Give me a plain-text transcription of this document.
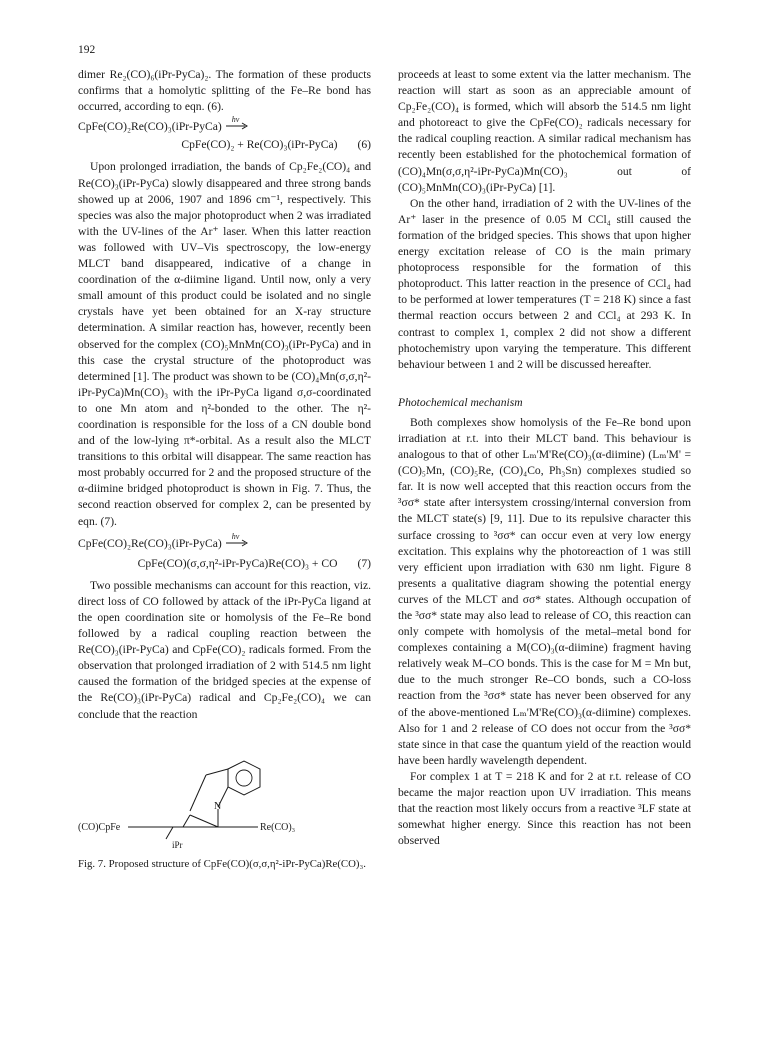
192

dimer Re₂(CO)₆(iPr-PyCa)₂. The formation of these products confirms that a homolytic splitting of the Fe–Re bond has occurred, according to eqn. (6).

CpFe(CO)₂Re(CO)₃(iPr-PyCa)
hν
CpFe(CO)₂ + Re(CO)₃(iPr-PyCa) (6)

Upon prolonged irradiation, the bands of Cp₂Fe₂(CO)₄ and Re(CO)₃(iPr-PyCa) slowly disappeared and three strong bands showed up at 2006, 1907 and 1896 cm⁻¹, respectively. This species was also the major photoproduct when 2 was irradiated with the UV-lines of the Ar⁺ laser. When this latter reaction was followed with UV–Vis spectroscopy, the low-energy MLCT band disappeared, indicative of a change in coordination of the α-diimine ligand. Until now, only a very small amount of this product could be isolated and no single crystals have yet been obtained for an X-ray structure determination. A similar reaction has, however, recently been observed for the complex (CO)₅MnMn(CO)₃(iPr-PyCa) and in this case the crystal structure of the photoproduct was determined [1]. The product was shown to be (CO)₄Mn(σ,σ,η²-iPr-PyCa)Mn(CO)₃ with the iPr-PyCa ligand σ,σ-coordinated to one Mn atom and η²-bonded to the other. The η²-coordination is responsible for the loss of a CN double bond and of the low-lying π*-orbital. As a result also the MLCT transitions to this orbital will disappear. The same reaction has most probably occurred for 2 and the proposed structure of the α-diimine bridged photoproduct is shown in Fig. 7. Thus, the second reaction observed for complex 2, can be presented by eqn. (7).

CpFe(CO)₂Re(CO)₃(iPr-PyCa)
hν
CpFe(CO)(σ,σ,η²-iPr-PyCa)Re(CO)₃ + CO (7)

Two possible mechanisms can account for this reaction, viz. direct loss of CO followed by attack of the iPr-PyCa ligand at the open coordination site or homolysis of the Fe–Re bond followed by a radical coupling reaction between the Re(CO)₃(iPr-PyCa) and CpFe(CO)₂ radicals formed. From the observation that prolonged irradiation of 2 with 514.5 nm light caused the formation of the bridged species at the expense of the Re(CO)₃(iPr-PyCa) radical and Cp₂Fe₂(CO)₄ we can conclude that the reaction

(CO)CpFe	Re(CO)₃
N
iPr

Fig. 7. Proposed structure of CpFe(CO)(σ,σ,η²-iPr-PyCa)Re(CO)₃.

proceeds at least to some extent via the latter mechanism. The reaction will start as soon as an appreciable amount of Cp₂Fe₂(CO)₄ is formed, which will absorb the 514.5 nm light and photoreact to give the CpFe(CO)₂ radicals necessary for the radical coupling reaction. A similar radical mechanism has recently been established for the photochemical formation of (CO)₄Mn(σ,σ,η²-iPr-PyCa)Mn(CO)₃ out of (CO)₅MnMn(CO)₃(iPr-PyCa) [1].

On the other hand, irradiation of 2 with the UV-lines of the Ar⁺ laser in the presence of 0.05 M CCl₄ still caused the formation of the bridged species. This shows that upon higher energy excitation release of CO is the main primary photoprocess responsible for the formation of this photoproduct. This latter reaction in the presence of CCl₄ had to be performed at lower temperatures (T = 218 K) since a fast thermal reaction occurs between 2 and CCl₄ at 293 K. In contrast to complex 1, complex 2 did not show a different photochemistry upon varying the temperature. This different behaviour between 1 and 2 will be discussed hereafter.

Photochemical mechanism

Both complexes show homolysis of the Fe–Re bond upon irradiation at r.t. into their MLCT band. This behaviour is analogous to that of other Lₘ'M'Re(CO)₃(α-diimine) (Lₘ'M' = (CO)₅Mn, (CO)₅Re, (CO)₄Co, Ph₃Sn) complexes studied so far. It is now well accepted that this reaction occurs from the ³σσ* state after intersystem crossing/internal conversion from the MLCT state(s) [9, 11]. Due to its repulsive character this surface crossing to ³σσ* can occur even at very low energy excitation. This explains why the photoreaction of 1 was still very efficient upon irradiation with 630 nm light. Figure 8 presents a qualitative diagram showing the potential energy curves of the MLCT and σσ* states. Although occupation of the ³σσ* state may also lead to release of CO, this reaction can only compete with homolysis of the metal–metal bond for complexes containing a M(CO)₃(α-diimine) fragment having relatively weak M–CO bonds. This is the case for M = Mn but, due to the much stronger Re–CO bonds, such a CO-loss reaction from the ³σσ* state has never been observed for any of the above-mentioned Lₘ'M'Re(CO)₃(α-diimine) complexes. Also for 1 and 2 release of CO does not occur from the ³σσ* state since in that case the quantum yield of the reaction would have been hardly wavelength dependent.

For complex 1 at T = 218 K and for 2 at r.t. release of CO became the major reaction upon UV irradiation. This means that the reaction most likely occurs from a reactive ³LF state at somewhat higher energy. Since this reaction has not been observed
